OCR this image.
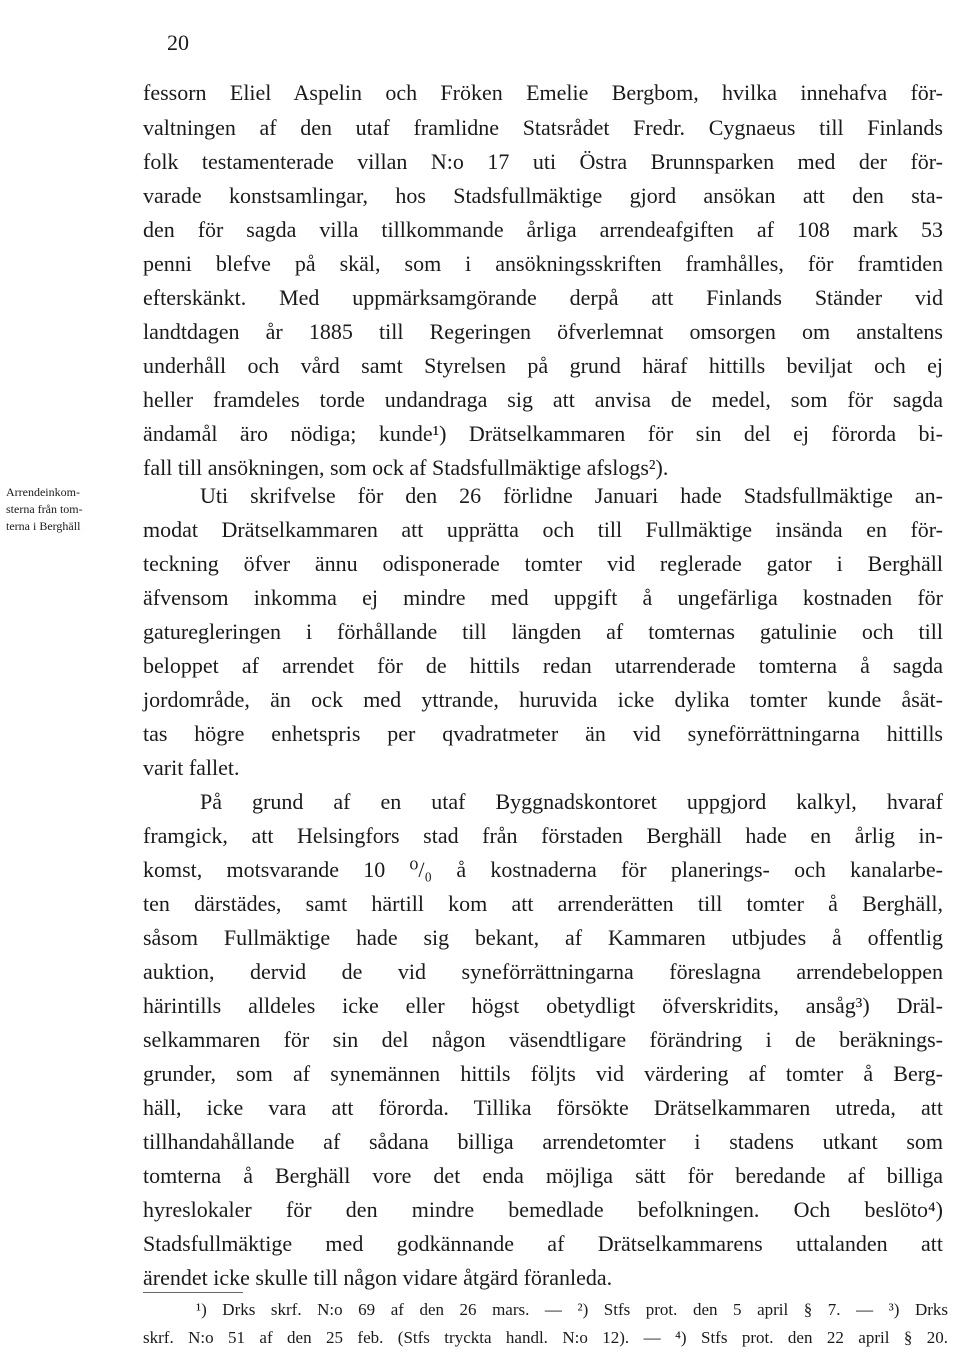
20
Arrendeinkom-
sterna från tom-
terna i Berghäll
fessorn Eliel Aspelin och Fröken Emelie Bergbom, hvilka innehafva för-
valtningen af den utaf framlidne Statsrådet Fredr. Cygnaeus till Finlands
folk testamenterade villan N:o 17 uti Östra Brunnsparken med der för-
varade konstsamlingar, hos Stadsfullmäktige gjord ansökan att den sta-
den för sagda villa tillkommande årliga arrendeafgiften af 108 mark 53
penni blefve på skäl, som i ansökningsskriften framhålles, för framtiden
efterskänkt. Med uppmärksamgörande derpå att Finlands Ständer vid
landtdagen år 1885 till Regeringen öfverlemnat omsorgen om anstaltens
underhåll och vård samt Styrelsen på grund häraf hittills beviljat och ej
heller framdeles torde undandraga sig att anvisa de medel, som för sagda
ändamål äro nödiga; kunde¹) Drätselkammaren för sin del ej förorda bi-
fall till ansökningen, som ock af Stadsfullmäktige afslogs²).
Uti skrifvelse för den 26 förlidne Januari hade Stadsfullmäktige an-
modat Drätselkammaren att upprätta och till Fullmäktige insända en för-
teckning öfver ännu odisponerade tomter vid reglerade gator i Berghäll
äfvensom inkomma ej mindre med uppgift å ungefärliga kostnaden för
gaturegleringen i förhållande till längden af tomternas gatulinie och till
beloppet af arrendet för de hittils redan utarrenderade tomterna å sagda
jordområde, än ock med yttrande, huruvida icke dylika tomter kunde åsät-
tas högre enhetspris per qvadratmeter än vid syneförrättningarna hittills
varit fallet.
På grund af en utaf Byggnadskontoret uppgjord kalkyl, hvaraf
framgick, att Helsingfors stad från förstaden Berghäll hade en årlig in-
komst, motsvarande 10 ⁰/₀ å kostnaderna för planerings- och kanalarbe-
ten därstädes, samt härtill kom att arrenderätten till tomter å Berghäll,
såsom Fullmäktige hade sig bekant, af Kammaren utbjudes å offentlig
auktion, dervid de vid syneförrättningarna föreslagna arrendebeloppen
härintills alldeles icke eller högst obetydligt öfverskridits, ansåg³) Dräl-
selkammaren för sin del någon väsendtligare förändring i de beräknings-
grunder, som af synemännen hittils följts vid värdering af tomter å Berg-
häll, icke vara att förorda. Tillika försökte Drätselkammaren utreda, att
tillhandahållande af sådana billiga arrendetomter i stadens utkant som
tomterna å Berghäll vore det enda möjliga sätt för beredande af billiga
hyreslokaler för den mindre bemedlade befolkningen. Och beslöto⁴)
Stadsfullmäktige med godkännande af Drätselkammarens uttalanden att
ärendet icke skulle till någon vidare åtgärd föranleda.
¹) Drks skrf. N:o 69 af den 26 mars. — ²) Stfs prot. den 5 april § 7. — ³) Drks
skrf. N:o 51 af den 25 feb. (Stfs tryckta handl. N:o 12). — ⁴) Stfs prot. den 22 april § 20.
